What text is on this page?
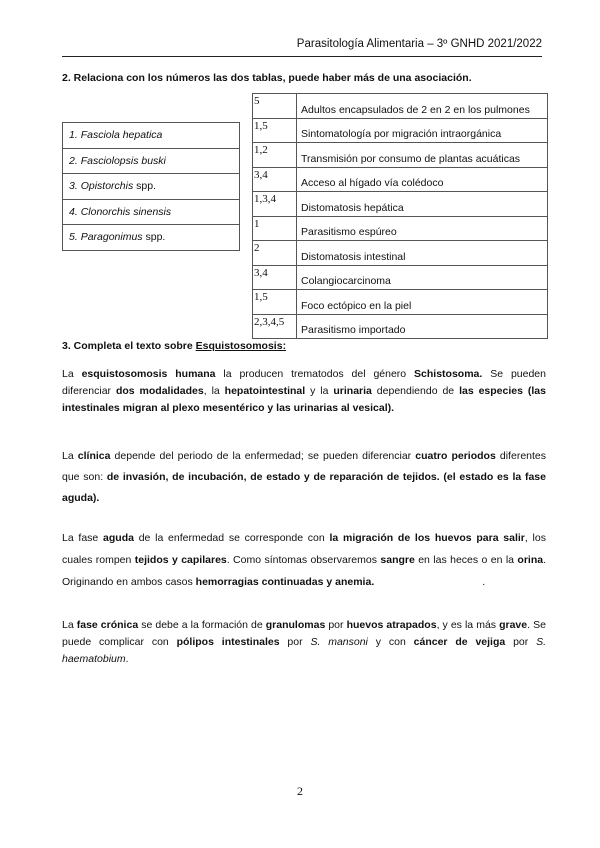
Parasitología Alimentaria – 3º GNHD 2021/2022
2. Relaciona con los números las dos tablas, puede haber más de una asociación.
1. Fasciola hepatica
2. Fasciolopsis buski
3. Opistorchis spp.
4. Clonorchis sinensis
5. Paragonimus spp.
5	Adultos encapsulados de 2 en 2 en los pulmones
1,5	Sintomatología por migración intraorgánica
1,2	Transmisión por consumo de plantas acuáticas
3,4	Acceso al hígado vía colédoco
1,3,4	Distomatosis hepática
1	Parasitismo espúreo
2	Distomatosis intestinal
3,4	Colangiocarcinoma
1,5	Foco ectópico en la piel
2,3,4,5	Parasitismo importado
3. Completa el texto sobre Esquistosomosis:
La esquistosomosis humana la producen trematodos del género Schistosoma. Se pueden diferenciar dos modalidades, la hepatointestinal y la urinaria dependiendo de las especies (las intestinales migran al plexo mesentérico y las urinarias al vesical).
La clínica depende del periodo de la enfermedad; se pueden diferenciar cuatro periodos diferentes que son: de invasión, de incubación, de estado y de reparación de tejidos. (el estado es la fase aguda).
La fase aguda de la enfermedad se corresponde con la migración de los huevos para salir, los cuales rompen tejidos y capilares. Como síntomas observaremos sangre en las heces o en la orina. Originando en ambos casos hemorragias continuadas y anemia.	.
La fase crónica se debe a la formación de granulomas por huevos atrapados, y es la más grave. Se puede complicar con pólipos intestinales por S. mansoni y con cáncer de vejiga por S. haematobium.
2
